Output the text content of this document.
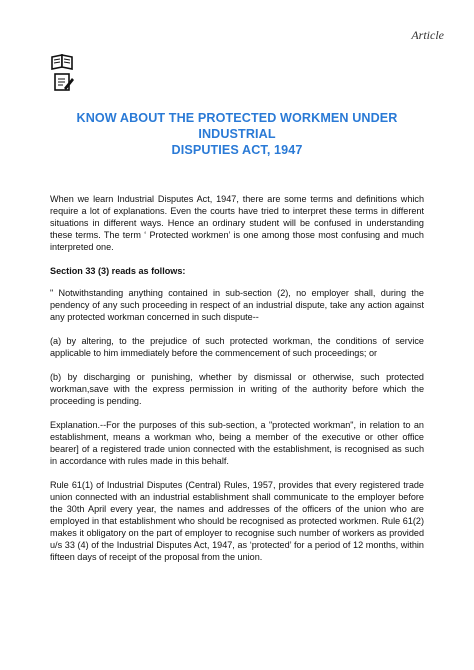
Article
KNOW ABOUT THE PROTECTED WORKMEN UNDER INDUSTRIAL
DISPUTIES ACT, 1947

When we learn Industrial Disputes Act, 1947, there are some terms and definitions which require a lot of explanations. Even the courts have tried to interpret these terms in different situations in different ways. Hence an ordinary student will be confused in understanding these terms. The term ‘ Protected workmen’ is one among those most confusing and much interpreted one.

Section 33 (3) reads as follows:

" Notwithstanding anything contained in sub-section (2), no employer shall, during the pendency of any such proceeding in respect of an industrial dispute, take any action against any protected workman concerned in such dispute--

(a) by altering, to the prejudice of such protected workman, the conditions of service applicable to him immediately before the commencement of such proceedings; or

(b) by discharging or punishing, whether by dismissal or otherwise, such protected workman,save with the express permission in writing of the authority before which the proceeding is pending.

Explanation.--For the purposes of this sub-section, a "protected workman", in relation to an establishment, means a workman who, being a member of the executive or other office bearer] of a registered trade union connected with the establishment, is recognised as such in accordance with rules made in this behalf.

Rule 61(1) of Industrial Disputes (Central) Rules, 1957, provides that every registered trade union connected with an industrial establishment shall communicate to the employer before the 30th April every year, the names and addresses of the officers of the union who are employed in that establishment who should be recognised as protected workmen. Rule 61(2) makes it obligatory on the part of employer to recognise such number of workers as provided u/s 33 (4) of the Industrial Disputes Act, 1947, as ‘protected’ for a period of 12 months, within fifteen days of receipt of the proposal from the union.
